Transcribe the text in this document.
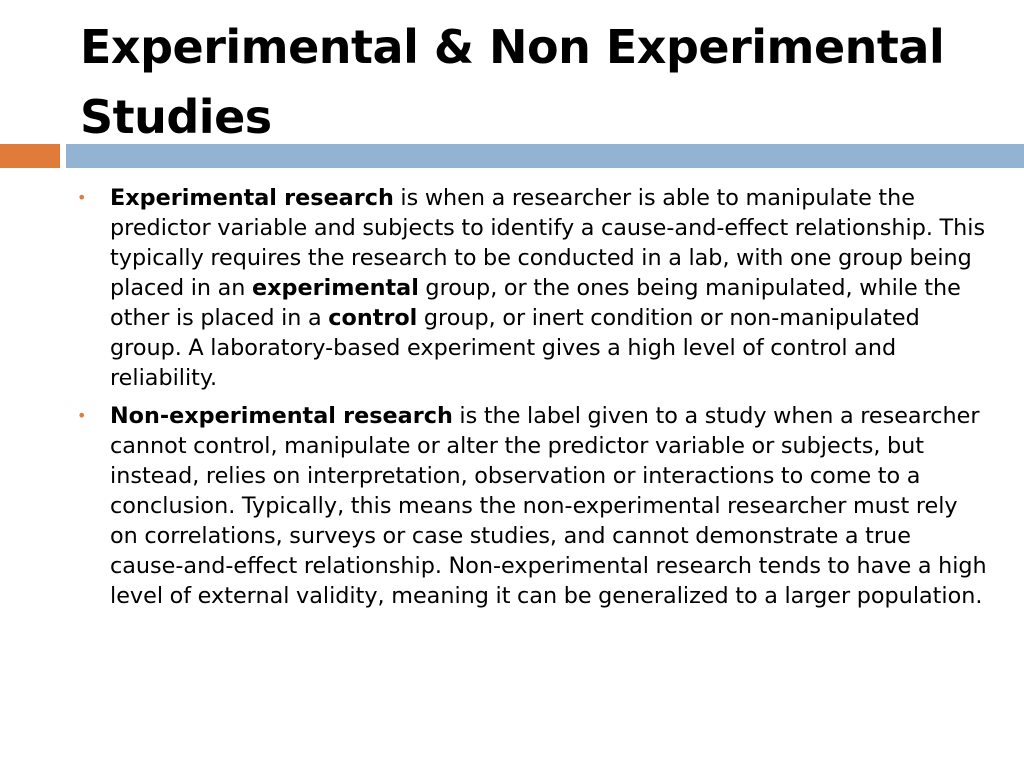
Experimental & Non Experimental Studies
•	Experimental research is when a researcher is able to manipulate the predictor variable and subjects to identify a cause-and-effect relationship. This typically requires the research to be conducted in a lab, with one group being placed in an experimental group, or the ones being manipulated, while the other is placed in a control group, or inert condition or non-manipulated group. A laboratory-based experiment gives a high level of control and reliability.
•	Non-experimental research is the label given to a study when a researcher cannot control, manipulate or alter the predictor variable or subjects, but instead, relies on interpretation, observation or interactions to come to a conclusion. Typically, this means the non-experimental researcher must rely on correlations, surveys or case studies, and cannot demonstrate a true cause-and-effect relationship. Non-experimental research tends to have a high level of external validity, meaning it can be generalized to a larger population.
